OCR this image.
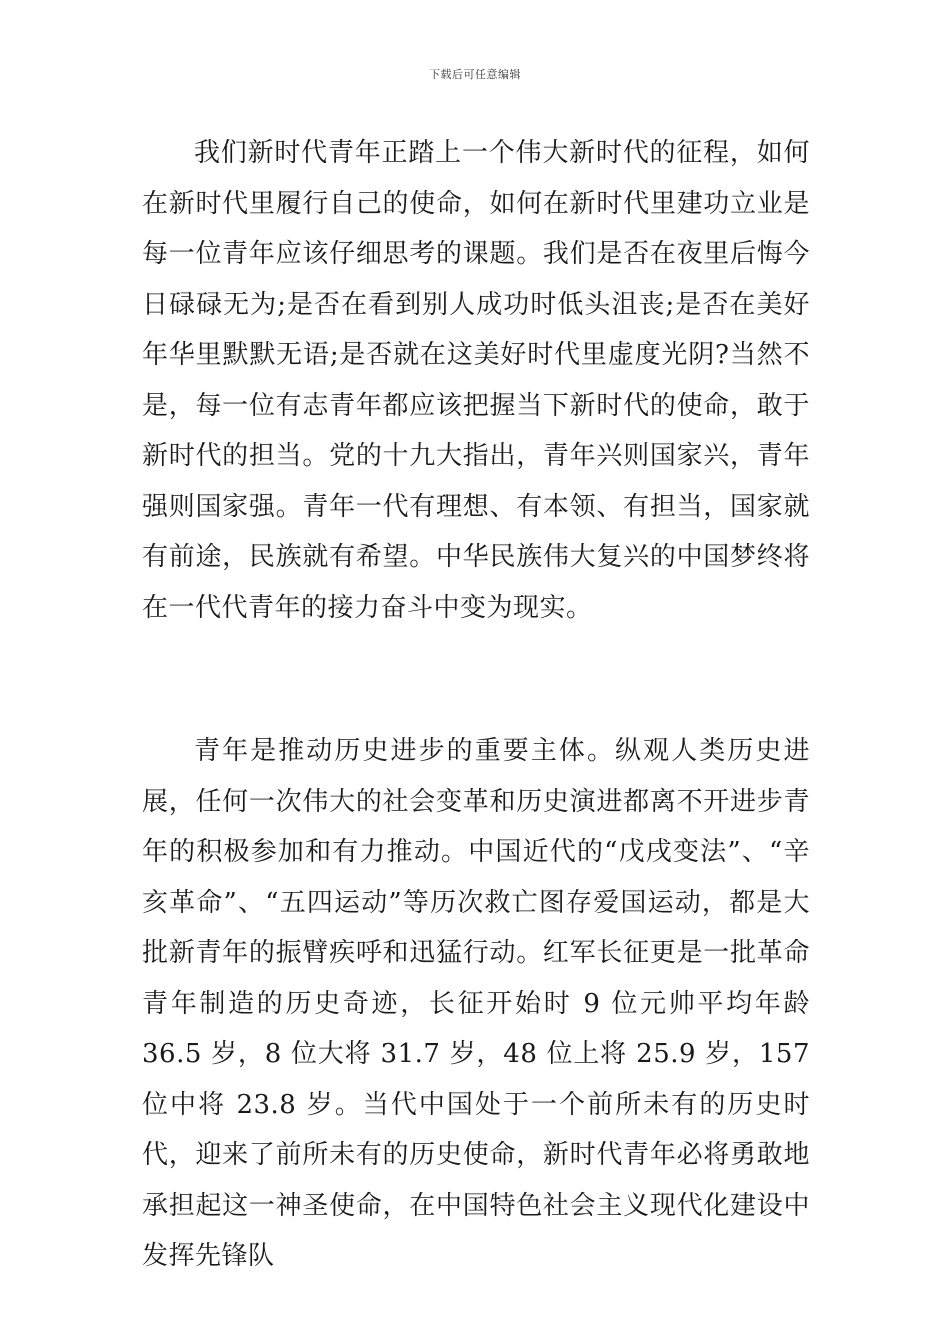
下载后可任意编辑

我们新时代青年正踏上一个伟大新时代的征程，如何在新时代里履行自己的使命，如何在新时代里建功立业是每一位青年应该仔细思考的课题。我们是否在夜里后悔今日碌碌无为;是否在看到别人成功时低头沮丧;是否在美好年华里默默无语;是否就在这美好时代里虚度光阴?当然不是，每一位有志青年都应该把握当下新时代的使命，敢于新时代的担当。党的十九大指出，青年兴则国家兴，青年强则国家强。青年一代有理想、有本领、有担当，国家就有前途，民族就有希望。中华民族伟大复兴的中国梦终将在一代代青年的接力奋斗中变为现实。

青年是推动历史进步的重要主体。纵观人类历史进展，任何一次伟大的社会变革和历史演进都离不开进步青年的积极参加和有力推动。中国近代的“戊戌变法”、“辛亥革命”、“五四运动”等历次救亡图存爱国运动，都是大批新青年的振臂疾呼和迅猛行动。红军长征更是一批革命青年制造的历史奇迹，长征开始时 9 位元帅平均年龄 36.5 岁，8 位大将 31.7 岁，48 位上将 25.9 岁，157 位中将 23.8 岁。当代中国处于一个前所未有的历史时代，迎来了前所未有的历史使命，新时代青年必将勇敢地承担起这一神圣使命，在中国特色社会主义现代化建设中发挥先锋队
